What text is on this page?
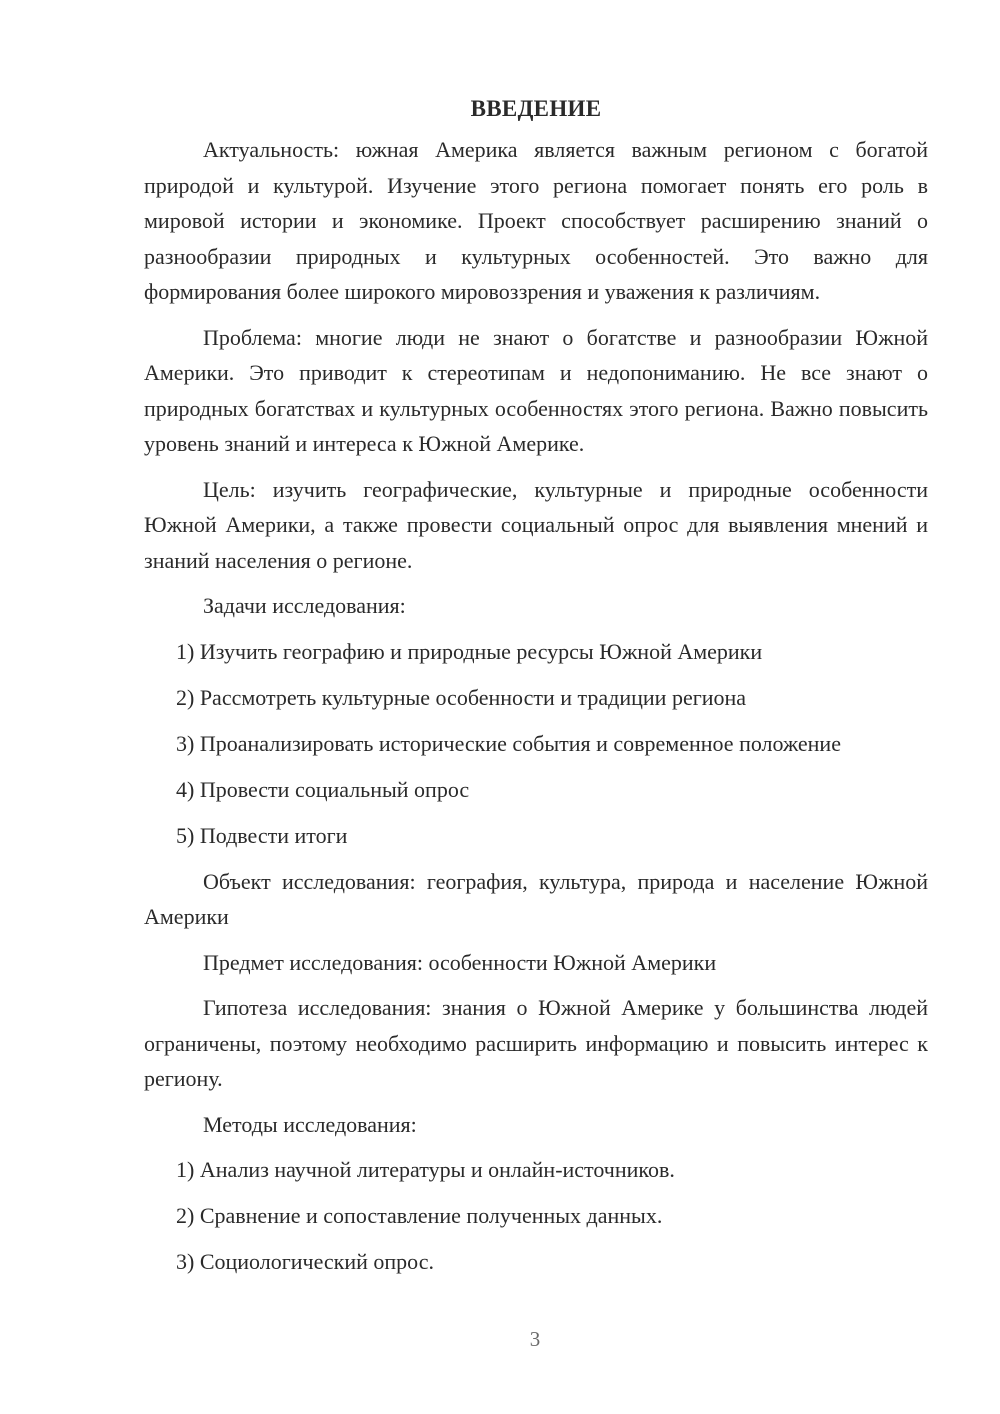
ВВЕДЕНИЕ

Актуальность: южная Америка является важным регионом с богатой природой и культурой. Изучение этого региона помогает понять его роль в мировой истории и экономике. Проект способствует расширению знаний о разнообразии природных и культурных особенностей. Это важно для формирования более широкого мировоззрения и уважения к различиям.

Проблема: многие люди не знают о богатстве и разнообразии Южной Америки. Это приводит к стереотипам и недопониманию. Не все знают о природных богатствах и культурных особенностях этого региона. Важно повысить уровень знаний и интереса к Южной Америке.

Цель: изучить географические, культурные и природные особенности Южной Америки, а также провести социальный опрос для выявления мнений и знаний населения о регионе.

Задачи исследования:

1) Изучить географию и природные ресурсы Южной Америки
2) Рассмотреть культурные особенности и традиции региона
3) Проанализировать исторические события и современное положение
4) Провести социальный опрос
5) Подвести итоги

Объект исследования: география, культура, природа и население Южной Америки

Предмет исследования: особенности Южной Америки

Гипотеза исследования: знания о Южной Америке у большинства людей ограничены, поэтому необходимо расширить информацию и повысить интерес к региону.

Методы исследования:

1) Анализ научной литературы и онлайн-источников.
2) Сравнение и сопоставление полученных данных.
3) Социологический опрос.
3
